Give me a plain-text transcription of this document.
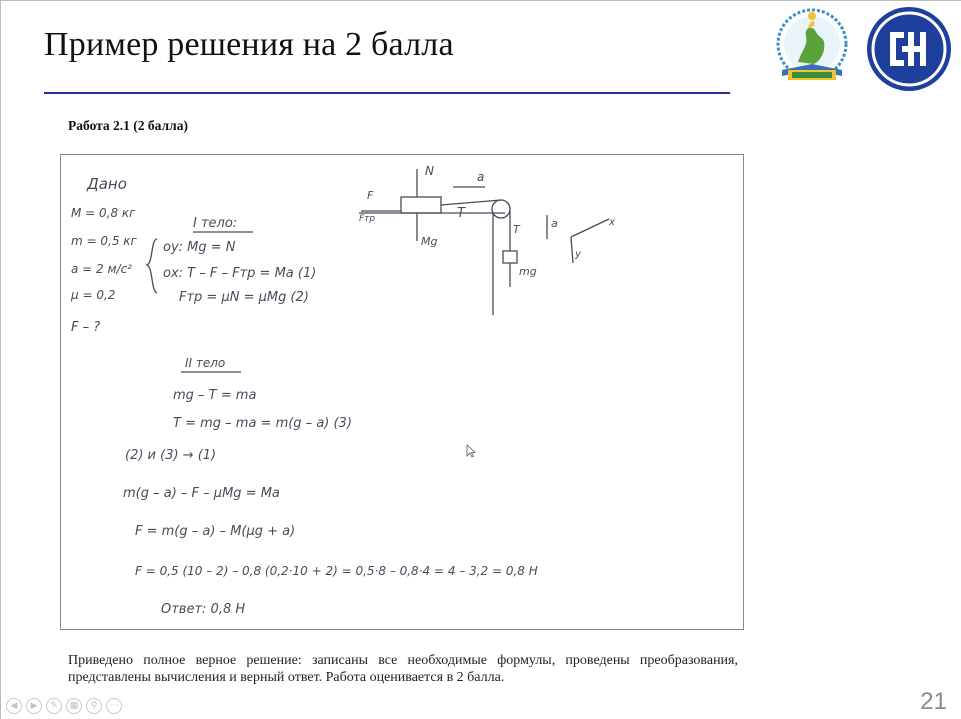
Пример решения на 2 балла
Работа 2.1 (2 балла)
Дано
M = 0,8 кг
m = 0,5 кг
a = 2 м/с²
μ = 0,2
F – ?
I тело:
oy: Mg = N
ox: T – F – Fтр = Ma (1)
Fтр = μN = μMg (2)
N	a
F
Fтр	T
Mg
T	a
mg
x
y
II тело
mg – T = ma
T = mg – ma = m(g – a) (3)
(2) и (3) → (1)
m(g – a) – F – μMg = Ma
F = m(g – a) – M(μg + a)
F = 0,5 (10 – 2) – 0,8 (0,2·10 + 2) = 0,5·8 – 0,8·4 = 4 – 3,2 = 0,8 Н
Ответ: 0,8 Н
Приведено полное верное решение: записаны все необходимые формулы, проведены преобразования, представлены вычисления и верный ответ. Работа оценивается в 2 балла.
21
◀	▶	✎	▦	⚲	⋯
